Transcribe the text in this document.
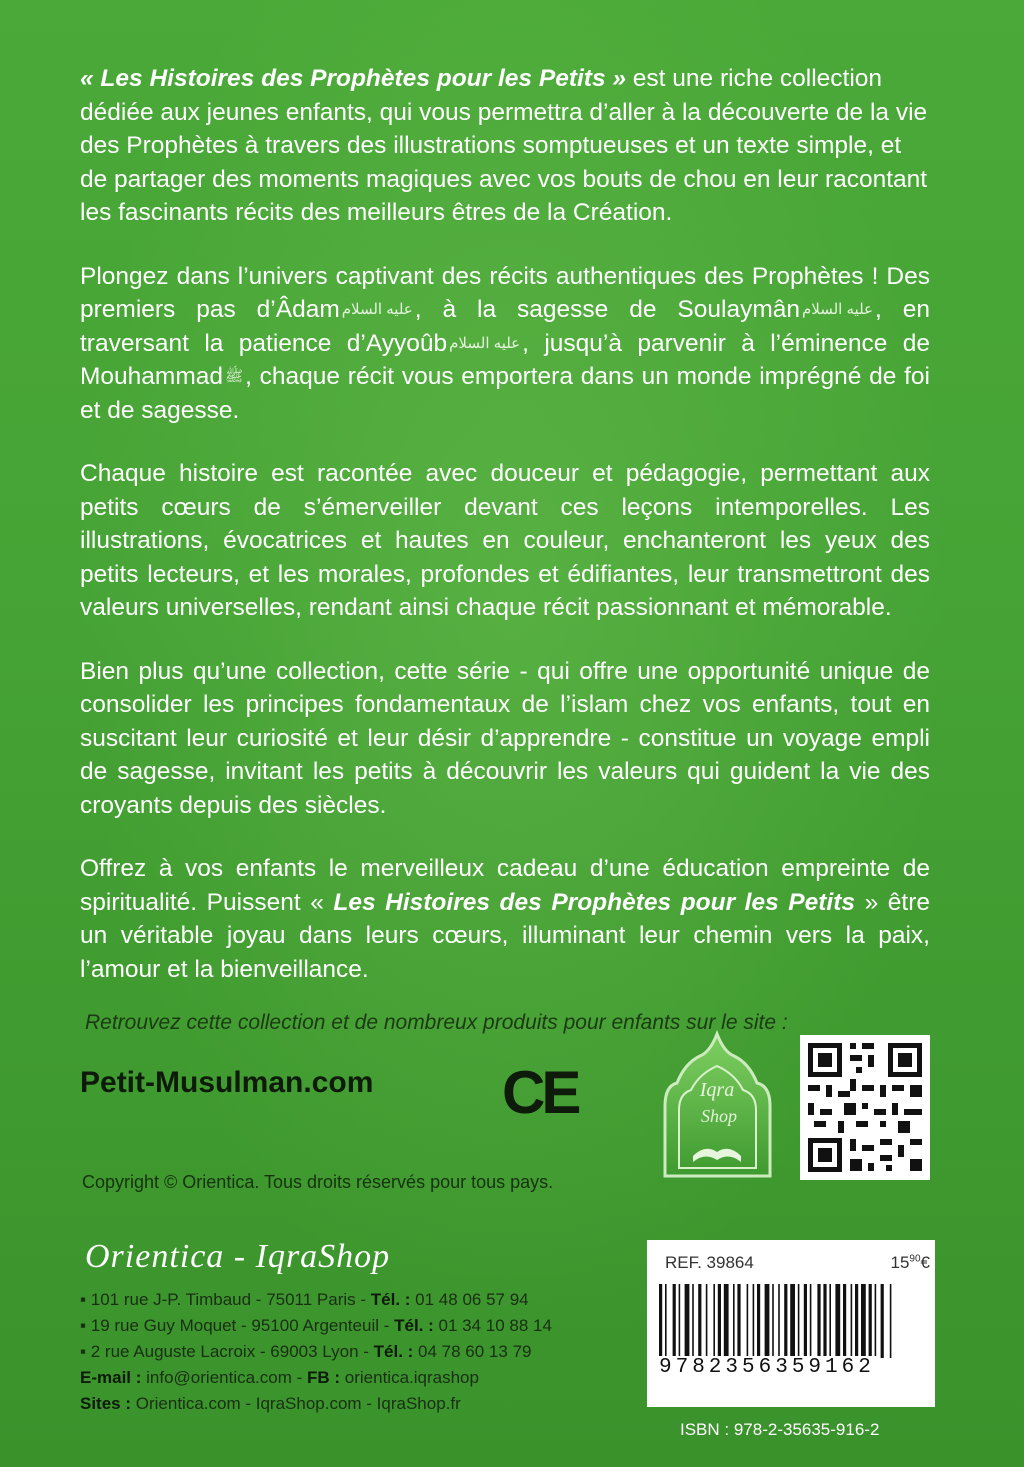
« Les Histoires des Prophètes pour les Petits » est une riche collection dédiée aux jeunes enfants, qui vous permettra d’aller à la découverte de la vie des Prophètes à travers des illustrations somptueuses et un texte simple, et de partager des moments magiques avec vos bouts de chou en leur racontant les fascinants récits des meilleurs êtres de la Création.

Plongez dans l’univers captivant des récits authentiques des Prophètes ! Des premiers pas d’Âdam عليه السلام, à la sagesse de Soulaymân عليه السلام, en traversant la patience d’Ayyoûb عليه السلام, jusqu’à parvenir à l’éminence de Mouhammad ﷺ, chaque récit vous emportera dans un monde imprégné de foi et de sagesse.

Chaque histoire est racontée avec douceur et pédagogie, permettant aux petits cœurs de s’émerveiller devant ces leçons intemporelles. Les illustrations, évocatrices et hautes en couleur, enchanteront les yeux des petits lecteurs, et les morales, profondes et édifiantes, leur transmettront des valeurs universelles, rendant ainsi chaque récit passionnant et mémorable.

Bien plus qu’une collection, cette série - qui offre une opportunité unique de consolider les principes fondamentaux de l’islam chez vos enfants, tout en suscitant leur curiosité et leur désir d’apprendre - constitue un voyage empli de sagesse, invitant les petits à découvrir les valeurs qui guident la vie des croyants depuis des siècles.

Offrez à vos enfants le merveilleux cadeau d’une éducation empreinte de spiritualité. Puissent « Les Histoires des Prophètes pour les Petits » être un véritable joyau dans leurs cœurs, illuminant leur chemin vers la paix, l’amour et la bienveillance.

Retrouvez cette collection et de nombreux produits pour enfants sur le site :
Petit-Musulman.com CE	Iqra
Shop
Copyright © Orientica. Tous droits réservés pour tous pays.
Orientica - IqraShop
▪ 101 rue J-P. Timbaud - 75011 Paris - Tél. : 01 48 06 57 94
▪ 19 rue Guy Moquet - 95100 Argenteuil - Tél. : 01 34 10 88 14
▪ 2 rue Auguste Lacroix - 69003 Lyon - Tél. : 04 78 60 13 79
E-mail : info@orientica.com - FB : orientica.iqrashop
Sites : Orientica.com - IqraShop.com - IqraShop.fr
REF. 39864	$15^{90}€$
9782356359162
ISBN : 978-2-35635-916-2
